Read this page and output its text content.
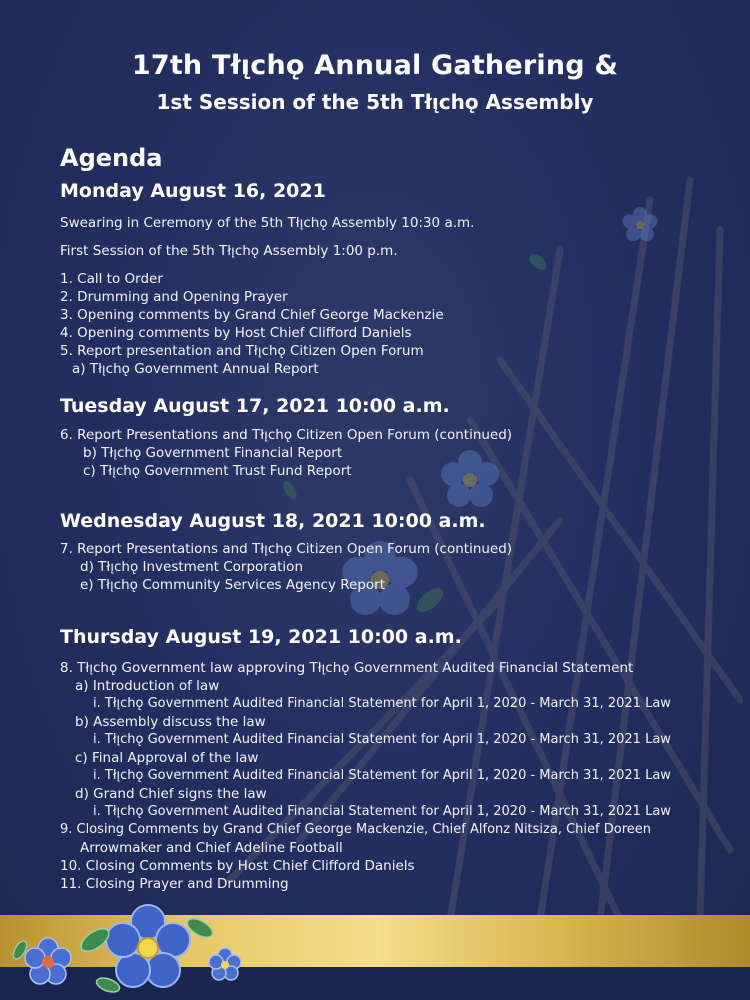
17th Tłı̨chǫ Annual Gathering &
1st Session of the 5th Tłı̨chǫ Assembly
Agenda
Monday August 16, 2021
Swearing in Ceremony of the 5th Tłı̨chǫ Assembly 10:30 a.m.
First Session of the 5th Tłı̨chǫ Assembly 1:00 p.m.
1. Call to Order
2. Drumming and Opening Prayer
3. Opening comments by Grand Chief George Mackenzie
4. Opening comments by Host Chief Clifford Daniels
5. Report presentation and Tłı̨chǫ Citizen Open Forum
a) Tłı̨chǫ Government Annual Report
Tuesday August 17, 2021 10:00 a.m.
6. Report Presentations and Tłı̨chǫ Citizen Open Forum (continued)
b) Tłı̨chǫ Government Financial Report
c) Tłı̨chǫ Government Trust Fund Report
Wednesday August 18, 2021 10:00 a.m.
7. Report Presentations and Tłı̨chǫ Citizen Open Forum (continued)
d) Tłı̨chǫ Investment Corporation
e) Tłı̨chǫ Community Services Agency Report
Thursday August 19, 2021 10:00 a.m.
8. Tłı̨chǫ Government law approving Tłı̨chǫ Government Audited Financial Statement
a) Introduction of law
i. Tłı̨chǫ Government Audited Financial Statement for April 1, 2020 - March 31, 2021 Law
b) Assembly discuss the law
i. Tłı̨chǫ Government Audited Financial Statement for April 1, 2020 - March 31, 2021 Law
c) Final Approval of the law
i. Tłı̨chǫ Government Audited Financial Statement for April 1, 2020 - March 31, 2021 Law
d) Grand Chief signs the law
i. Tłı̨chǫ Government Audited Financial Statement for April 1, 2020 - March 31, 2021 Law
9. Closing Comments by Grand Chief George Mackenzie, Chief Alfonz Nitsiza, Chief Doreen
Arrowmaker and Chief Adeline Football
10. Closing Comments by Host Chief Clifford Daniels
11. Closing Prayer and Drumming
